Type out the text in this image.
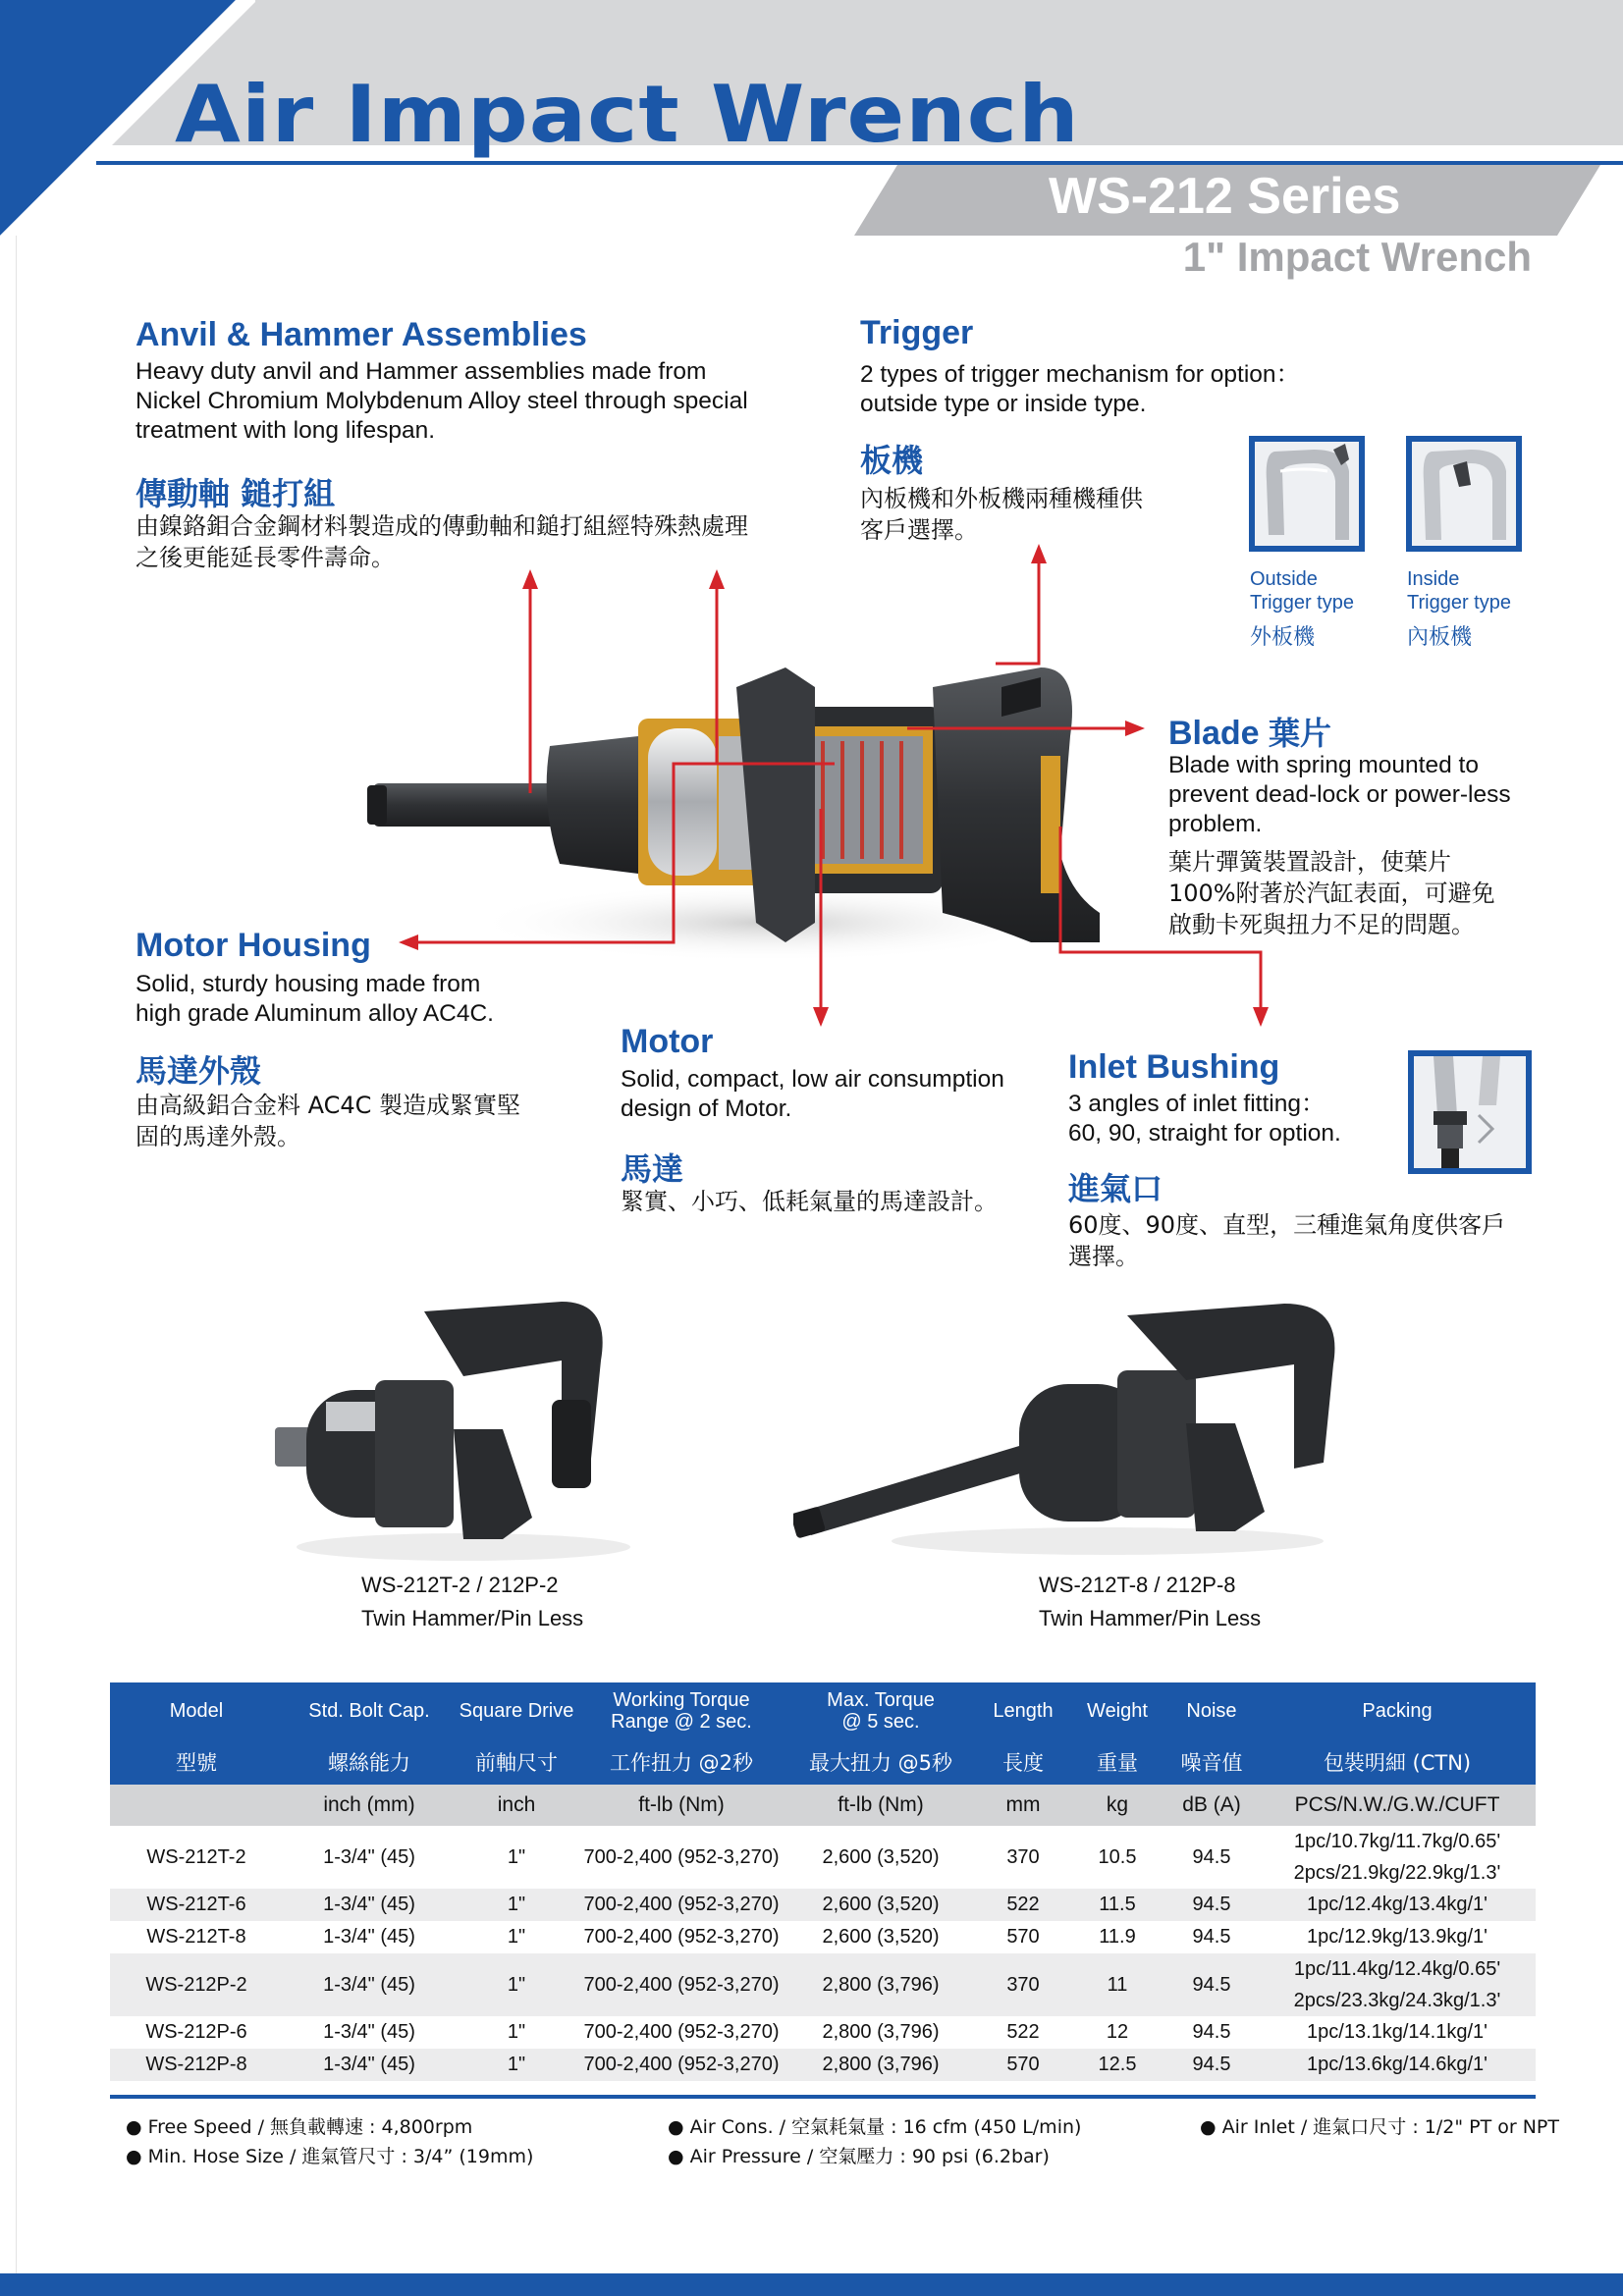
Air Impact Wrench
WS-212 Series
1" Impact Wrench
Anvil & Hammer Assemblies
Heavy duty anvil and Hammer assemblies made from
Nickel Chromium Molybdenum Alloy steel through special
treatment with long lifespan.
傳動軸 鎚打組
由鎳鉻鉬合金鋼材料製造成的傳動軸和鎚打組經特殊熱處理
之後更能延長零件壽命。
Trigger
2 types of trigger mechanism for option：
outside type or inside type.
板機
內板機和外板機兩種機種供
客戶選擇。
Outside
Trigger type
外板機
Inside
Trigger type
內板機
Blade 葉片
Blade with spring mounted to
prevent dead-lock or power-less
problem.
葉片彈簧裝置設計，使葉片
100%附著於汽缸表面，可避免
啟動卡死與扭力不足的問題。
Motor Housing
Solid, sturdy housing made from
high grade Aluminum alloy AC4C.
馬達外殼
由高級鋁合金料 AC4C 製造成緊實堅
固的馬達外殼。
Motor
Solid, compact, low air consumption
design of Motor.
馬達
緊實、小巧、低耗氣量的馬達設計。
Inlet Bushing
3 angles of inlet fitting：
60, 90, straight for option.
進氣口
60度、90度、直型，三種進氣角度供客戶
選擇。
WS-212T-2 / 212P-2
Twin Hammer/Pin Less
WS-212T-8 / 212P-8
Twin Hammer/Pin Less
Model	Std. Bolt Cap.	Square Drive	Working Torque
Range @ 2 sec.	Max. Torque
@ 5 sec.	Length	Weight	Noise	Packing
型號	螺絲能力	前軸尺寸	工作扭力 @2秒	最大扭力 @5秒	長度	重量	噪音值	包裝明細 (CTN)
	inch (mm)	inch	ft-lb (Nm)	ft-lb (Nm)	mm	kg	dB (A)	PCS/N.W./G.W./CUFT
WS-212T-2	1-3/4" (45)	1"	700-2,400 (952-3,270)	2,600 (3,520)	370	10.5	94.5	1pc/10.7kg/11.7kg/0.65'
2pcs/21.9kg/22.9kg/1.3'

WS-212T-6	1-3/4" (45)	1"	700-2,400 (952-3,270)	2,600 (3,520)	522	11.5	94.5	1pc/12.4kg/13.4kg/1'
WS-212T-8	1-3/4" (45)	1"	700-2,400 (952-3,270)	2,600 (3,520)	570	11.9	94.5	1pc/12.9kg/13.9kg/1'
WS-212P-2	1-3/4" (45)	1"	700-2,400 (952-3,270)	2,800 (3,796)	370	11	94.5	1pc/11.4kg/12.4kg/0.65'
2pcs/23.3kg/24.3kg/1.3'

WS-212P-6	1-3/4" (45)	1"	700-2,400 (952-3,270)	2,800 (3,796)	522	12	94.5	1pc/13.1kg/14.1kg/1'
WS-212P-8	1-3/4" (45)	1"	700-2,400 (952-3,270)	2,800 (3,796)	570	12.5	94.5	1pc/13.6kg/14.6kg/1'
● Free Speed / 無負載轉速 : 4,800rpm
● Min. Hose Size / 進氣管尺寸 : 3/4” (19mm)
● Air Cons. / 空氣耗氣量 : 16 cfm (450 L/min)
● Air Pressure / 空氣壓力 : 90 psi (6.2bar)
● Air Inlet / 進氣口尺寸 : 1/2" PT or NPT
